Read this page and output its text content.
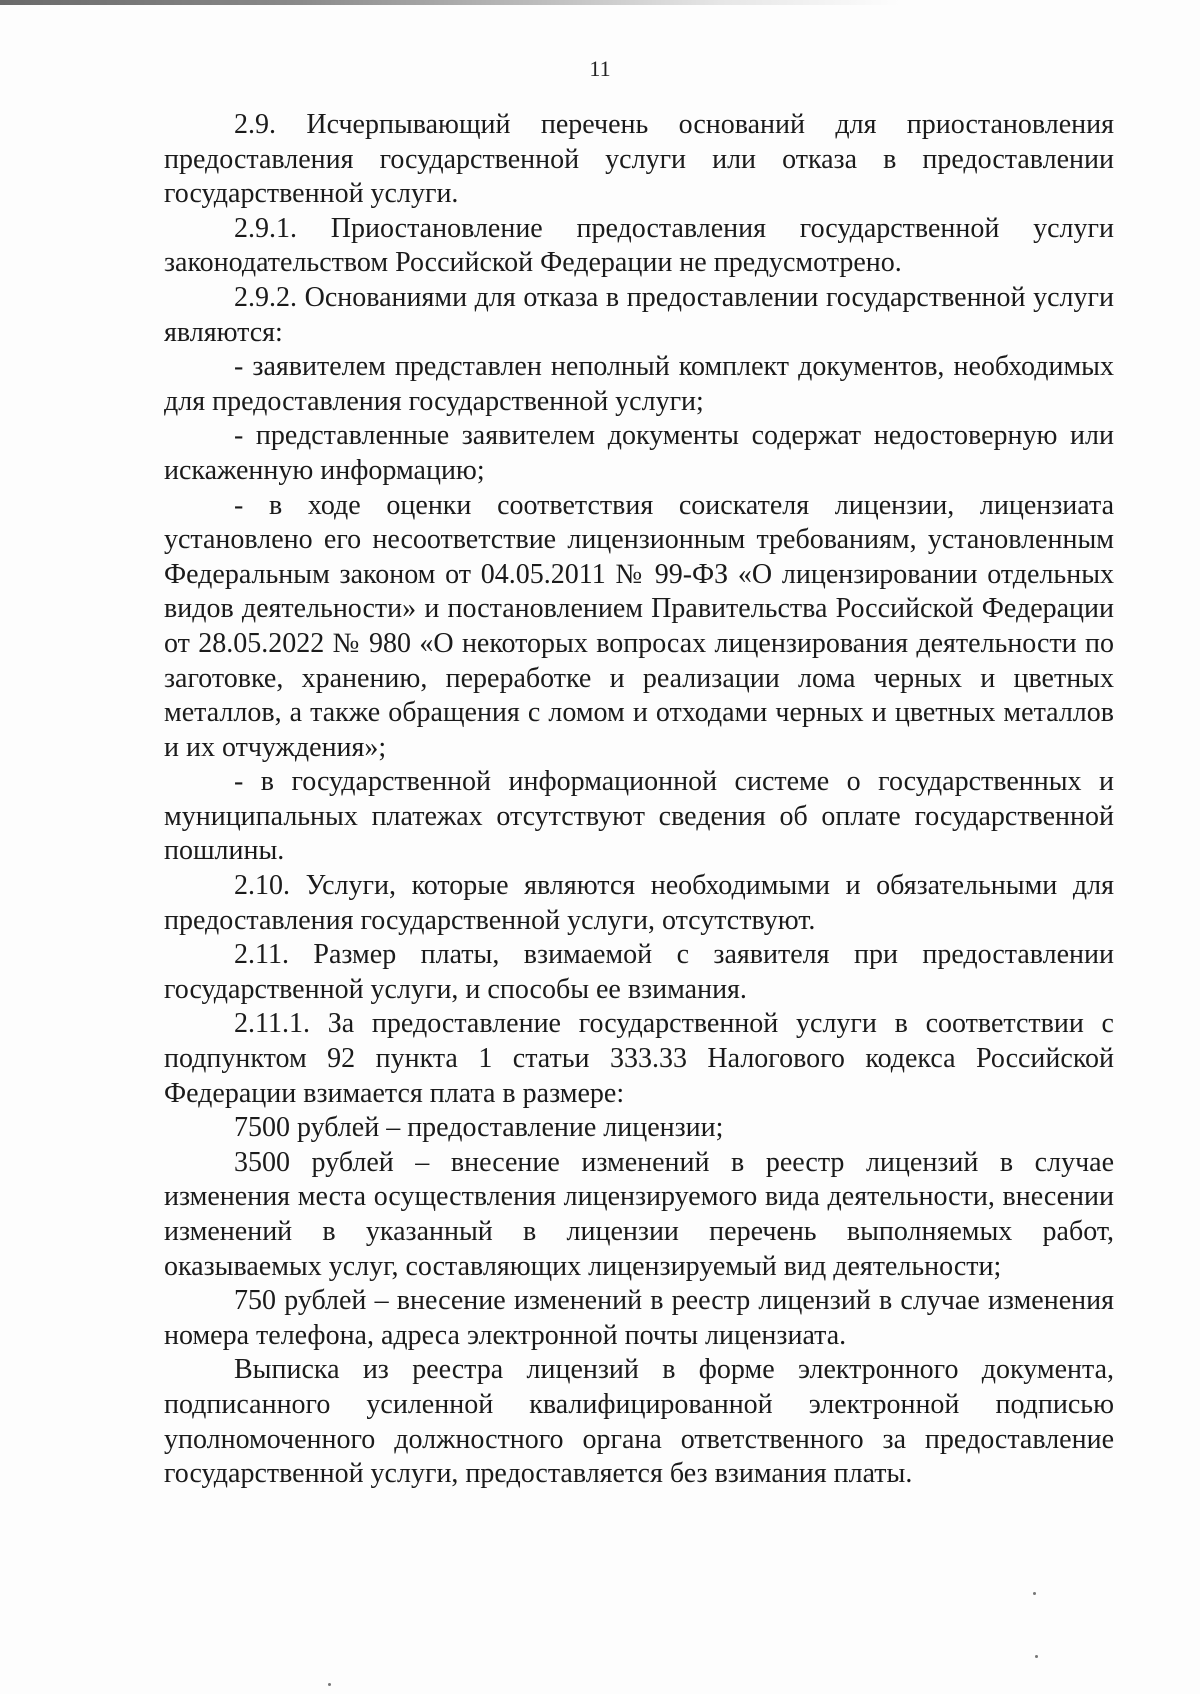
11

2.9. Исчерпывающий перечень оснований для приостановления предоставления государственной услуги или отказа в предоставлении государственной услуги.

2.9.1. Приостановление предоставления государственной услуги законодательством Российской Федерации не предусмотрено.

2.9.2. Основаниями для отказа в предоставлении государственной услуги являются:

- заявителем представлен неполный комплект документов, необходимых для предоставления государственной услуги;

- представленные заявителем документы содержат недостоверную или искаженную информацию;

- в ходе оценки соответствия соискателя лицензии, лицензиата установлено его несоответствие лицензионным требованиям, установленным Федеральным законом от 04.05.2011 № 99-ФЗ «О лицензировании отдельных видов деятельности» и постановлением Правительства Российской Федерации от 28.05.2022 № 980 «О некоторых вопросах лицензирования деятельности по заготовке, хранению, переработке и реализации лома черных и цветных металлов, а также обращения с ломом и отходами черных и цветных металлов и их отчуждения»;

- в государственной информационной системе о государственных и муниципальных платежах отсутствуют сведения об оплате государственной пошлины.

2.10. Услуги, которые являются необходимыми и обязательными для предоставления государственной услуги, отсутствуют.

2.11. Размер платы, взимаемой с заявителя при предоставлении государственной услуги, и способы ее взимания.

2.11.1. За предоставление государственной услуги в соответствии с подпунктом 92 пункта 1 статьи 333.33 Налогового кодекса Российской Федерации взимается плата в размере:

7500 рублей – предоставление лицензии;

3500 рублей – внесение изменений в реестр лицензий в случае изменения места осуществления лицензируемого вида деятельности, внесении изменений в указанный в лицензии перечень выполняемых работ, оказываемых услуг, составляющих лицензируемый вид деятельности;

750 рублей – внесение изменений в реестр лицензий в случае изменения номера телефона, адреса электронной почты лицензиата.

Выписка из реестра лицензий в форме электронного документа, подписанного усиленной квалифицированной электронной подписью уполномоченного должностного органа ответственного за предоставление государственной услуги, предоставляется без взимания платы.
